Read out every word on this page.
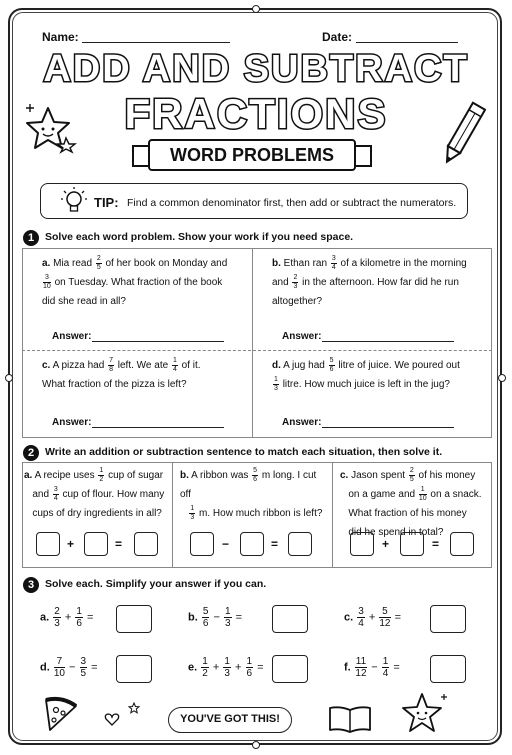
Name:	Date:
ADD AND SUBTRACT
FRACTIONS
WORD PROBLEMS
TIP: Find a common denominator first, then add or subtract the numerators.
1	Solve each word problem. Show your work if you need space.
a. Mia read $\frac{2}{5}$ of her book on Monday and

$\frac{3}{10}$ on Tuesday. What fraction of the book
did she read in all?
b. Ethan ran $\frac{3}{4}$ of a kilometre in the morning
and $\frac{2}{3}$ in the afternoon. How far did he run
altogether?
Answer:	Answer:
c. A pizza had $\frac{7}{8}$ left. We ate $\frac{1}{4}$ of it.
What fraction of the pizza is left?
d. A jug had $\frac{5}{6}$ litre of juice. We poured out

$\frac{1}{3}$ litre. How much juice is left in the jug?
Answer:	Answer:
2	Write an addition or subtraction sentence to match each situation, then solve it.
a. A recipe uses $\frac{1}{2}$ cup of sugar
and $\frac{3}{4}$ cup of flour. How many
cups of dry ingredients in all?
b. A ribbon was $\frac{5}{6}$ m long. I cut off

$\frac{1}{3} m$. How much ribbon is left?
c. Jason spent $\frac{2}{5}$ of his money
on a game and $\frac{1}{10}$ on a snack.
What fraction of his money
did he spend in total?
+	=	−	=	+	=
3	Solve each. Simplify your answer if you can.
a. $\frac{2}{3} + \frac{1}{6}$ =	b. $\frac{5}{6} - \frac{1}{3}$ =	c. $\frac{3}{4} + \frac{5}{12}$ =
d. $\frac{7}{10} - \frac{3}{5}$ =	e. $\frac{1}{2} + \frac{1}{3} + \frac{1}{6}$ =	f. $\frac{11}{12} - \frac{1}{4}$ =
YOU'VE GOT THIS!
